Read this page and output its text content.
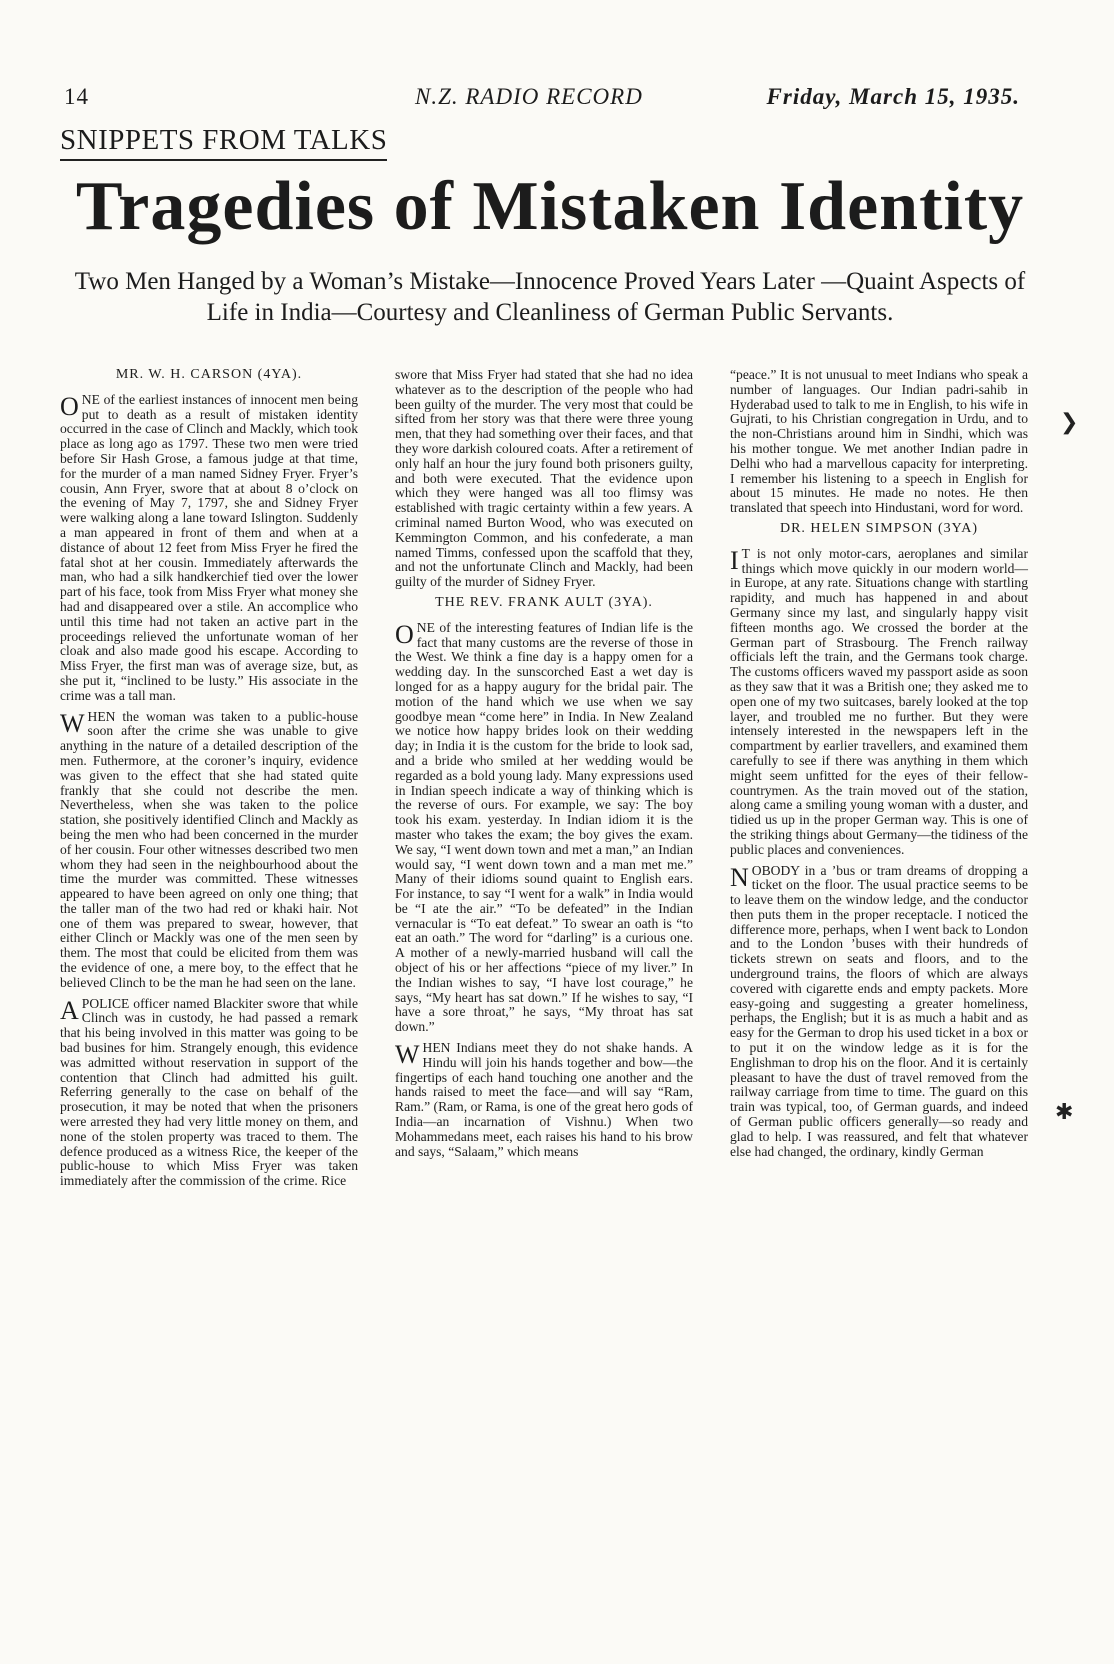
14	N.Z. RADIO RECORD	Friday, March 15, 1935.
SNIPPETS FROM TALKS
Tragedies of Mistaken Identity
Two Men Hanged by a Woman’s Mistake—Innocence Proved Years Later —Quaint Aspects of Life in India—Courtesy and Cleanliness of German Public Servants.
MR. W. H. CARSON (4YA).

ONE of the earliest instances of innocent men being put to death as a result of mistaken identity occurred in the case of Clinch and Mackly, which took place as long ago as 1797. These two men were tried before Sir Hash Grose, a famous judge at that time, for the murder of a man named Sidney Fryer. Fryer’s cousin, Ann Fryer, swore that at about 8 o’clock on the evening of May 7, 1797, she and Sidney Fryer were walking along a lane toward Islington. Suddenly a man appeared in front of them and when at a distance of about 12 feet from Miss Fryer he fired the fatal shot at her cousin. Immediately afterwards the man, who had a silk handkerchief tied over the lower part of his face, took from Miss Fryer what money she had and disappeared over a stile. An accomplice who until this time had not taken an active part in the proceedings relieved the unfortunate woman of her cloak and also made good his escape. According to Miss Fryer, the first man was of average size, but, as she put it, “inclined to be lusty.” His associate in the crime was a tall man.

WHEN the woman was taken to a public-house soon after the crime she was unable to give anything in the nature of a detailed description of the men. Futhermore, at the coroner’s inquiry, evidence was given to the effect that she had stated quite frankly that she could not describe the men. Nevertheless, when she was taken to the police station, she positively identified Clinch and Mackly as being the men who had been concerned in the murder of her cousin. Four other witnesses described two men whom they had seen in the neighbourhood about the time the murder was committed. These witnesses appeared to have been agreed on only one thing; that the taller man of the two had red or khaki hair. Not one of them was prepared to swear, however, that either Clinch or Mackly was one of the men seen by them. The most that could be elicited from them was the evidence of one, a mere boy, to the effect that he believed Clinch to be the man he had seen on the lane.

APOLICE officer named Blackiter swore that while Clinch was in custody, he had passed a remark that his being involved in this matter was going to be bad busines for him. Strangely enough, this evidence was admitted without reservation in support of the contention that Clinch had admitted his guilt. Referring generally to the case on behalf of the prosecution, it may be noted that when the prisoners were arrested they had very little money on them, and none of the stolen property was traced to them. The defence produced as a witness Rice, the keeper of the public-house to which Miss Fryer was taken immediately after the commission of the crime. Rice

swore that Miss Fryer had stated that she had no idea whatever as to the description of the people who had been guilty of the murder. The very most that could be sifted from her story was that there were three young men, that they had something over their faces, and that they wore darkish coloured coats. After a retirement of only half an hour the jury found both prisoners guilty, and both were executed. That the evidence upon which they were hanged was all too flimsy was established with tragic certainty within a few years. A criminal named Burton Wood, who was executed on Kemmington Common, and his confederate, a man named Timms, confessed upon the scaffold that they, and not the unfortunate Clinch and Mackly, had been guilty of the murder of Sidney Fryer.

THE REV. FRANK AULT (3YA).

ONE of the interesting features of Indian life is the fact that many customs are the reverse of those in the West. We think a fine day is a happy omen for a wedding day. In the sunscorched East a wet day is longed for as a happy augury for the bridal pair. The motion of the hand which we use when we say goodbye mean “come here” in India. In New Zealand we notice how happy brides look on their wedding day; in India it is the custom for the bride to look sad, and a bride who smiled at her wedding would be regarded as a bold young lady. Many expressions used in Indian speech indicate a way of thinking which is the reverse of ours. For example, we say: The boy took his exam. yesterday. In Indian idiom it is the master who takes the exam; the boy gives the exam. We say, “I went down town and met a man,” an Indian would say, “I went down town and a man met me.” Many of their idioms sound quaint to English ears. For instance, to say “I went for a walk” in India would be “I ate the air.” “To be defeated” in the Indian vernacular is “To eat defeat.” To swear an oath is “to eat an oath.” The word for “darling” is a curious one. A mother of a newly-married husband will call the object of his or her affections “piece of my liver.” In the Indian wishes to say, “I have lost courage,” he says, “My heart has sat down.” If he wishes to say, “I have a sore throat,” he says, “My throat has sat down.”

WHEN Indians meet they do not shake hands. A Hindu will join his hands together and bow—the fingertips of each hand touching one another and the hands raised to meet the face—and will say “Ram, Ram.” (Ram, or Rama, is one of the great hero gods of India—an incarnation of Vishnu.) When two Mohammedans meet, each raises his hand to his brow and says, “Salaam,” which means

“peace.” It is not unusual to meet Indians who speak a number of languages. Our Indian padri-sahib in Hyderabad used to talk to me in English, to his wife in Gujrati, to his Christian congregation in Urdu, and to the non-Christians around him in Sindhi, which was his mother tongue. We met another Indian padre in Delhi who had a marvellous capacity for interpreting. I remember his listening to a speech in English for about 15 minutes. He made no notes. He then translated that speech into Hindustani, word for word.

DR. HELEN SIMPSON (3YA)

IT is not only motor-cars, aeroplanes and similar things which move quickly in our modern world—in Europe, at any rate. Situations change with startling rapidity, and much has happened in and about Germany since my last, and singularly happy visit fifteen months ago. We crossed the border at the German part of Strasbourg. The French railway officials left the train, and the Germans took charge. The customs officers waved my passport aside as soon as they saw that it was a British one; they asked me to open one of my two suitcases, barely looked at the top layer, and troubled me no further. But they were intensely interested in the newspapers left in the compartment by earlier travellers, and examined them carefully to see if there was anything in them which might seem unfitted for the eyes of their fellow-countrymen. As the train moved out of the station, along came a smiling young woman with a duster, and tidied us up in the proper German way. This is one of the striking things about Germany—the tidiness of the public places and conveniences.

NOBODY in a ’bus or tram dreams of dropping a ticket on the floor. The usual practice seems to be to leave them on the window ledge, and the conductor then puts them in the proper receptacle. I noticed the difference more, perhaps, when I went back to London and to the London ’buses with their hundreds of tickets strewn on seats and floors, and to the underground trains, the floors of which are always covered with cigarette ends and empty packets. More easy-going and suggesting a greater homeliness, perhaps, the English; but it is as much a habit and as easy for the German to drop his used ticket in a box or to put it on the window ledge as it is for the Englishman to drop his on the floor. And it is certainly pleasant to have the dust of travel removed from the railway carriage from time to time. The guard on this train was typical, too, of German guards, and indeed of German public officers generally—so ready and glad to help. I was reassured, and felt that whatever else had changed, the ordinary, kindly German

❯
✱
